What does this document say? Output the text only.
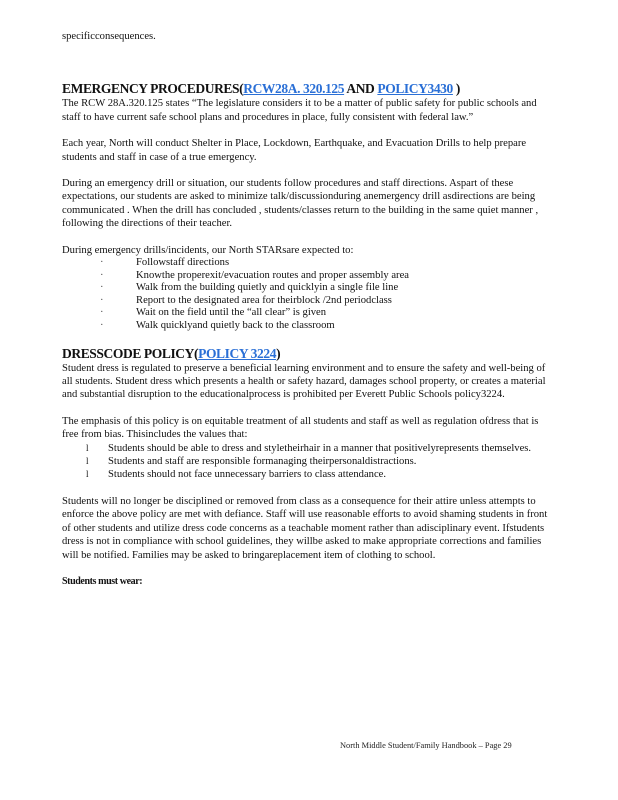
specificconsequences.

EMERGENCY PROCEDURES(RCW28A. 320.125 AND POLICY3430 )

The RCW 28A.320.125 states “The legislature considers it to be a matter of public safety for public schools and staff to have current safe school plans and procedures in place, fully consistent with federal law.”

Each year, North will conduct Shelter in Place, Lockdown, Earthquake, and Evacuation Drills to help prepare students and staff in case of a true emergency.

During an emergency drill or situation, our students follow procedures and staff directions. Aspart of these expectations, our students are asked to minimize talk/discussionduring anemergency drill asdirections are being communicated . When the drill has concluded , students/classes return to the building in the same quiet manner , following the directions of their teacher.

During emergency drills/incidents, our North STARsare expected to:

·	Followstaff directions
·	Knowthe properexit/evacuation routes and proper assembly area
·	Walk from the building quietly and quicklyin a single file line
·	Report to the designated area for theirblock /2nd periodclass
·	Wait on the field until the “all clear” is given
·	Walk quicklyand quietly back to the classroom
DRESSCODE POLICY(POLICY 3224)

Student dress is regulated to preserve a beneficial learning environment and to ensure the safety and well-being of all students. Student dress which presents a health or safety hazard, damages school property, or creates a material and substantial disruption to the educationalprocess is prohibited per Everett Public Schools policy3224.

The emphasis of this policy is on equitable treatment of all students and staff as well as regulation ofdress that is free from bias. Thisincludes the values that:

l Students should be able to dress and styletheirhair in a manner that positivelyrepresents themselves.
l Students and staff are responsible formanaging theirpersonaldistractions.
l Students should not face unnecessary barriers to class attendance.

Students will no longer be disciplined or removed from class as a consequence for their attire unless attempts to enforce the above policy are met with defiance. Staff will use reasonable efforts to avoid shaming students in front of other students and utilize dress code concerns as a teachable moment rather than adisciplinary event. Ifstudents dress is not in compliance with school guidelines, they willbe asked to make appropriate corrections and families will be notified. Families may be asked to bringareplacement item of clothing to school.

Students must wear:

North Middle Student/Family Handbook – Page 29
